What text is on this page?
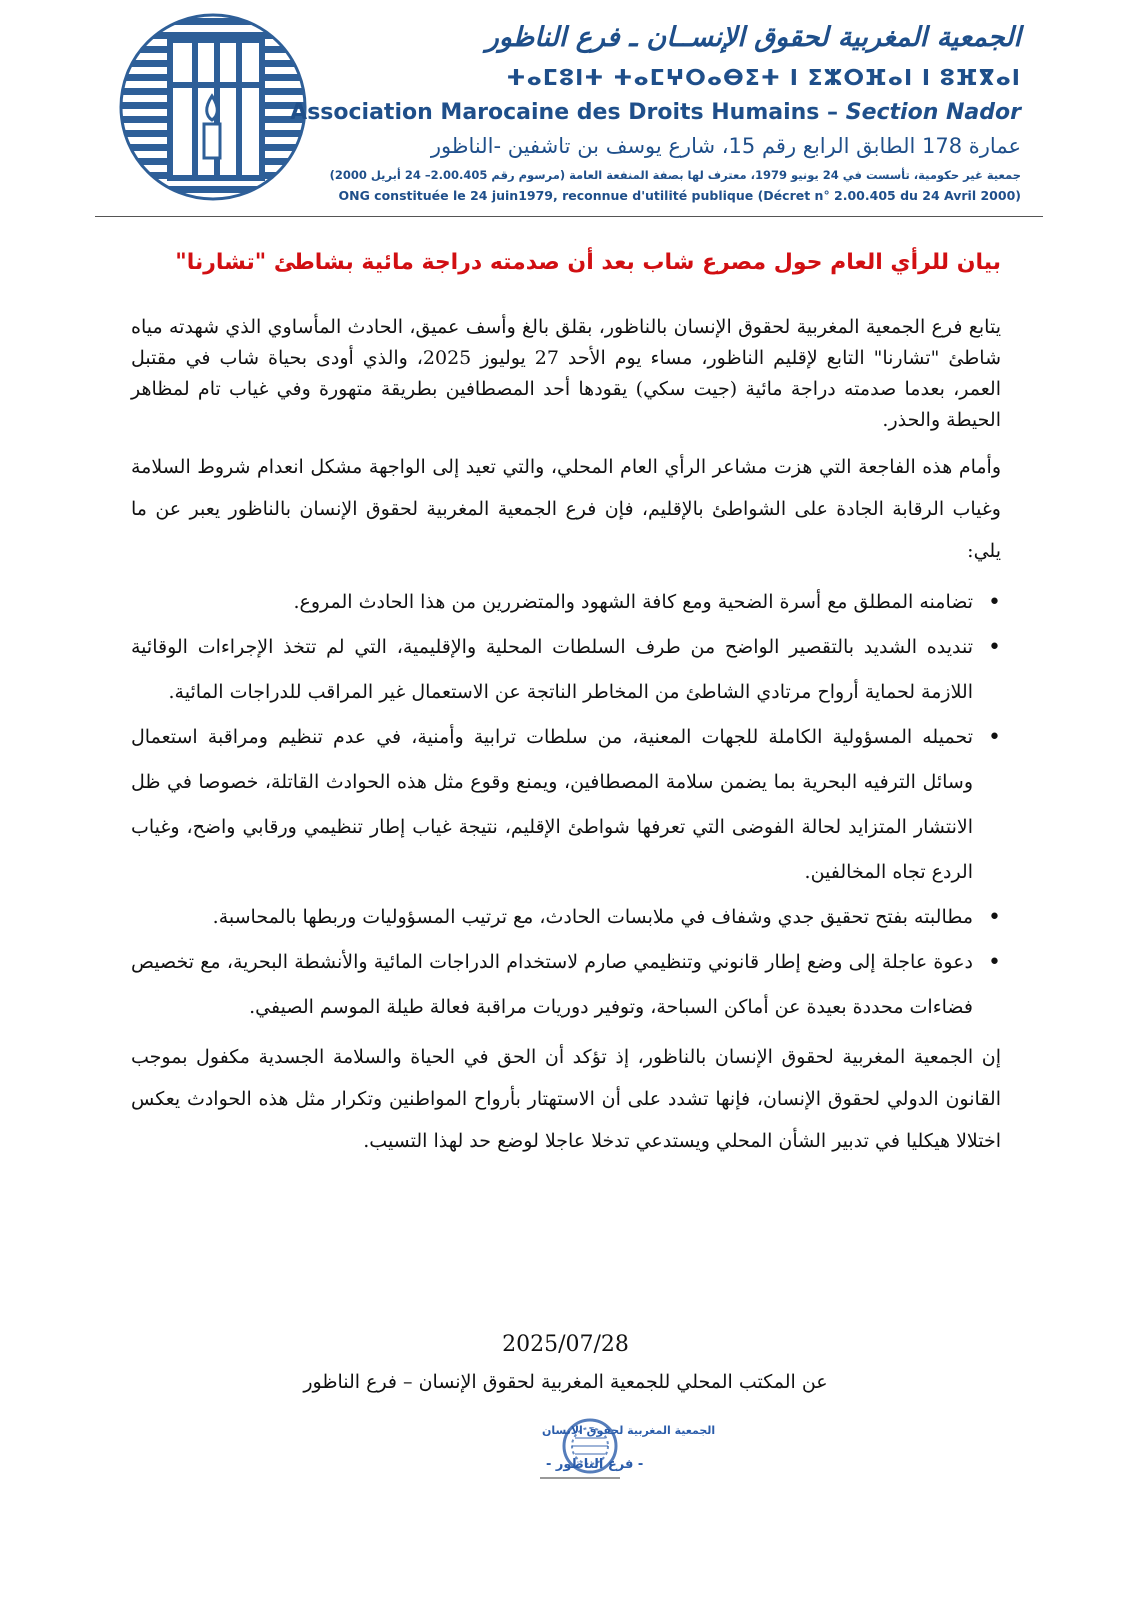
الجمعية المغربية لحقوق الإنســان ـ فرع الناظور
ⵜⴰⵎⵓⵏⵜ ⵜⴰⵎⵖⵔⴰⴱⵉⵜ ⵏ ⵉⵣⵔⴼⴰⵏ ⵏ ⵓⴼⴳⴰⵏ
Association Marocaine des Droits Humains – Section Nador
عمارة 178 الطابق الرابع رقم 15، شارع يوسف بن تاشفين -الناظور
جمعية غير حكومية، تأسست في 24 يونيو 1979، معترف لها بصفة المنفعة العامة (مرسوم رقم 2.00.405– 24 أبريل 2000)
ONG constituée le 24 juin1979, reconnue d'utilité publique (Décret n° 2.00.405 du 24 Avril 2000)
بيان للرأي العام حول مصرع شاب بعد أن صدمته دراجة مائية بشاطئ "تشارنا"

يتابع فرع الجمعية المغربية لحقوق الإنسان بالناظور، بقلق بالغ وأسف عميق، الحادث المأساوي الذي شهدته مياه شاطئ "تشارنا" التابع لإقليم الناظور، مساء يوم الأحد 27 يوليوز 2025، والذي أودى بحياة شاب في مقتبل العمر، بعدما صدمته دراجة مائية (جيت سكي) يقودها أحد المصطافين بطريقة متهورة وفي غياب تام لمظاهر الحيطة والحذر.

وأمام هذه الفاجعة التي هزت مشاعر الرأي العام المحلي، والتي تعيد إلى الواجهة مشكل انعدام شروط السلامة وغياب الرقابة الجادة على الشواطئ بالإقليم، فإن فرع الجمعية المغربية لحقوق الإنسان بالناظور يعبر عن ما يلي:

• تضامنه المطلق مع أسرة الضحية ومع كافة الشهود والمتضررين من هذا الحادث المروع.
• تنديده الشديد بالتقصير الواضح من طرف السلطات المحلية والإقليمية، التي لم تتخذ الإجراءات الوقائية اللازمة لحماية أرواح مرتادي الشاطئ من المخاطر الناتجة عن الاستعمال غير المراقب للدراجات المائية.
• تحميله المسؤولية الكاملة للجهات المعنية، من سلطات ترابية وأمنية، في عدم تنظيم ومراقبة استعمال وسائل الترفيه البحرية بما يضمن سلامة المصطافين، ويمنع وقوع مثل هذه الحوادث القاتلة، خصوصا في ظل الانتشار المتزايد لحالة الفوضى التي تعرفها شواطئ الإقليم، نتيجة غياب إطار تنظيمي ورقابي واضح، وغياب الردع تجاه المخالفين.
• مطالبته بفتح تحقيق جدي وشفاف في ملابسات الحادث، مع ترتيب المسؤوليات وربطها بالمحاسبة.
• دعوة عاجلة إلى وضع إطار قانوني وتنظيمي صارم لاستخدام الدراجات المائية والأنشطة البحرية، مع تخصيص فضاءات محددة بعيدة عن أماكن السباحة، وتوفير دوريات مراقبة فعالة طيلة الموسم الصيفي.

إن الجمعية المغربية لحقوق الإنسان بالناظور، إذ تؤكد أن الحق في الحياة والسلامة الجسدية مكفول بموجب القانون الدولي لحقوق الإنسان، فإنها تشدد على أن الاستهتار بأرواح المواطنين وتكرار مثل هذه الحوادث يعكس اختلالا هيكليا في تدبير الشأن المحلي ويستدعي تدخلا عاجلا لوضع حد لهذا التسيب.

2025/07/28
عن المكتب المحلي للجمعية المغربية لحقوق الإنسان – فرع الناظور
الجمعية المغربية لحقوق الانسان
- فرع الناظور -
